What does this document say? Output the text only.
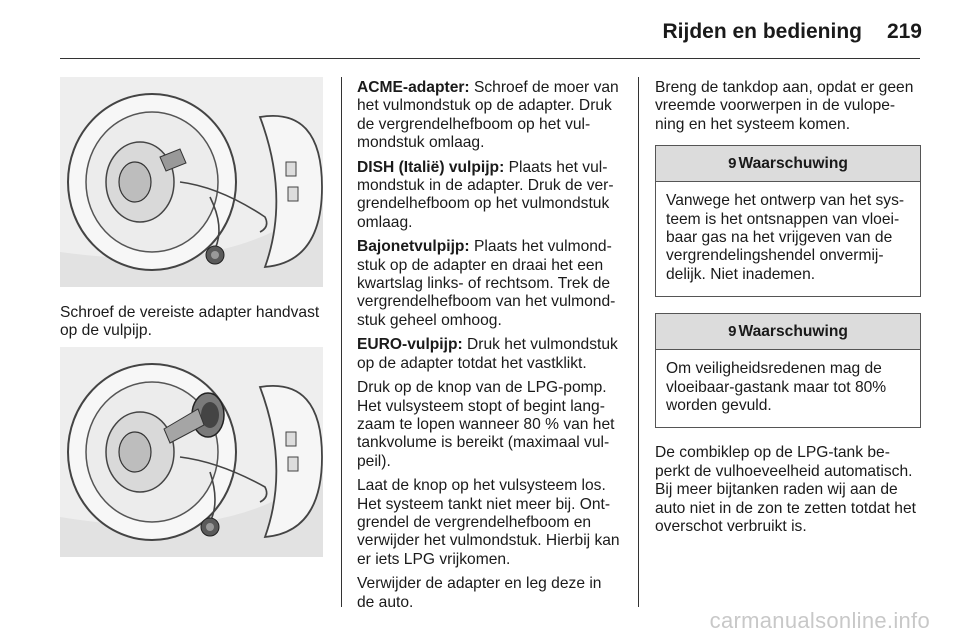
Rijden en bediening 219

Schroef de vereiste adapter handvast op de vulpijp.

ACME-adapter: Schroef de moer van het vulmondstuk op de adapter. Druk de vergrendelhefboom op het vul-mondstuk omlaag.

DISH (Italië) vulpijp: Plaats het vul-mondstuk in de adapter. Druk de ver-grendelhefboom op het vulmondstuk omlaag.

Bajonetvulpijp: Plaats het vulmond-stuk op de adapter en draai het een kwartslag links- of rechtsom. Trek de vergrendelhefboom van het vulmond-stuk geheel omhoog.

EURO-vulpijp: Druk het vulmondstuk op de adapter totdat het vastklikt.

Druk op de knop van de LPG-pomp. Het vulsysteem stopt of begint lang-zaam te lopen wanneer 80 % van het tankvolume is bereikt (maximaal vul-peil).

Laat de knop op het vulsysteem los. Het systeem tankt niet meer bij. Ont-grendel de vergrendelhefboom en verwijder het vulmondstuk. Hierbij kan er iets LPG vrijkomen.

Verwijder de adapter en leg deze in de auto.

Breng de tankdop aan, opdat er geen vreemde voorwerpen in de vulope-ning en het systeem komen.

9 Waarschuwing
Vanwege het ontwerp van het sys-teem is het ontsnappen van vloei-baar gas na het vrijgeven van de vergrendelingshendel onvermij-delijk. Niet inademen.
9 Waarschuwing
Om veiligheidsredenen mag de vloeibaar-gastank maar tot 80% worden gevuld.

De combiklep op de LPG-tank be-perkt de vulhoeveelheid automatisch. Bij meer bijtanken raden wij aan de auto niet in de zon te zetten totdat het overschot verbruikt is.

carmanualsonline.info
